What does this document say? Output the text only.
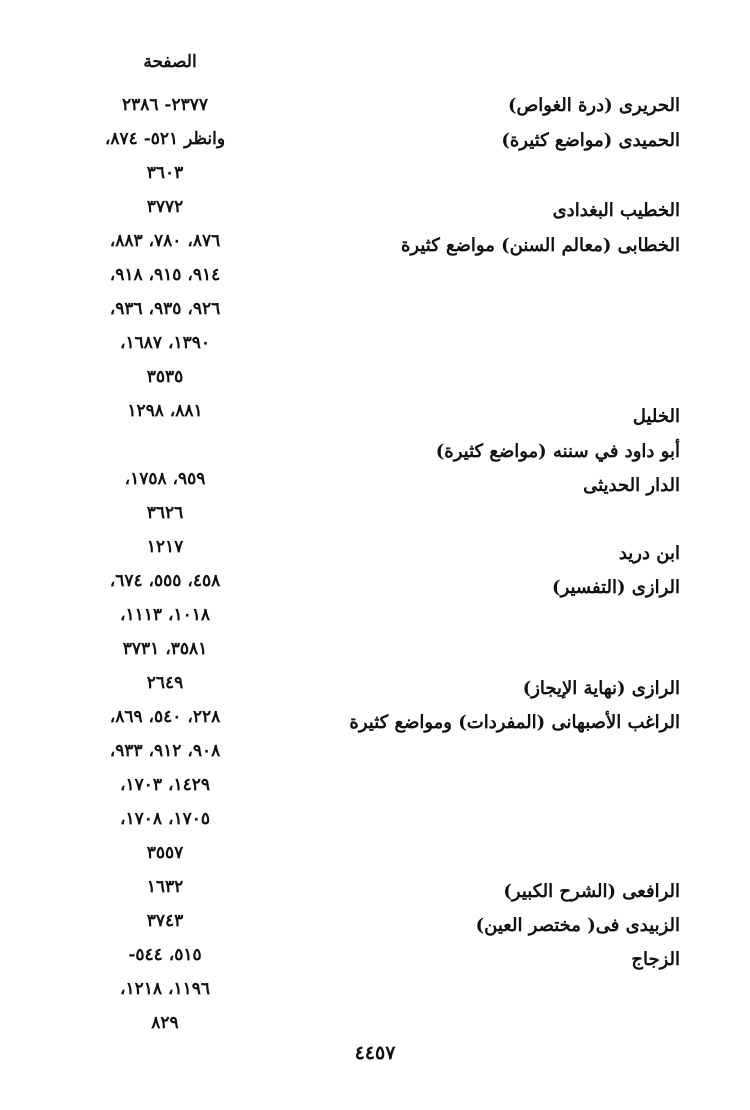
الصفحة
٢٣٧٧- ٢٣٨٦
وانظر ٥٢١- ٨٧٤،
٣٦٠٣
٣٧٧٢
٨٧٦، ٧٨٠، ٨٨٣،
٩١٤، ٩١٥، ٩١٨،
٩٢٦، ٩٣٥، ٩٣٦،
١٣٩٠، ١٦٨٧،
٣٥٣٥
٨٨١، ١٢٩٨
٩٥٩، ١٧٥٨،
٣٦٢٦
١٢١٧
٤٥٨، ٥٥٥، ٦٧٤،
١٠١٨، ١١١٣،
٣٥٨١، ٣٧٣١
٢٦٤٩
٢٢٨، ٥٤٠، ٨٦٩،
٩٠٨، ٩١٢، ٩٣٣،
١٤٢٩، ١٧٠٣،
١٧٠٥، ١٧٠٨،
٣٥٥٧
١٦٣٢
٣٧٤٣
٥١٥، ٥٤٤-
١١٩٦، ١٢١٨،
٨٢٩
الحريرى (درة الغواص)
الحميدى (مواضع كثيرة)
الخطيب البغدادى
الخطابى (معالم السنن) مواضع كثيرة
الخليل
أبو داود في سننه (مواضع كثيرة)
الدار الحديثى
ابن دريد
الرازى (التفسير)
الرازى (نهاية الإيجاز)
الراغب الأصبهانى (المفردات) ومواضع كثيرة
الرافعى (الشرح الكبير)
الزبيدى فى( مختصر العين)
الزجاج
٤٤٥٧
